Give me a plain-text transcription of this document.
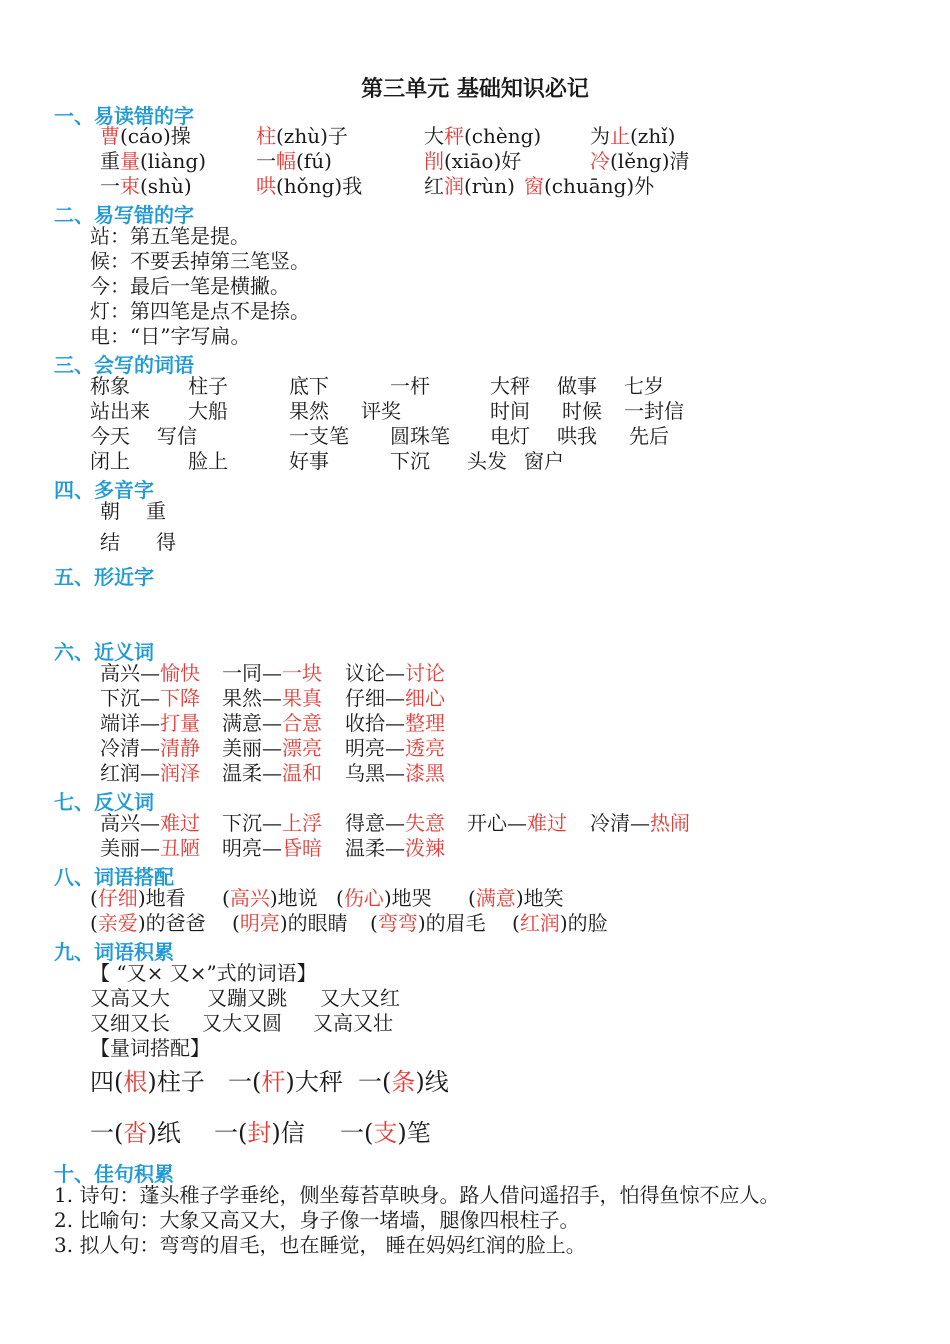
第三单元 基础知识必记
一、易读错的字
曹(cáo)操	柱(zhù)子	大秤(chèng) 为止(zhǐ)
重量(liàng) 一幅(fú)	削(xiāo)好	冷(lěng)清
一束(shù)	哄(hǒng)我	红润(rùn) 窗(chuāng)外
二、易写错的字
站：第五笔是提。
候：不要丢掉第三笔竖。
今：最后一笔是横撇。
灯：第四笔是点不是捺。
电：“日”字写扁。
三、会写的词语
称象	柱子	底下	一杆	大秤 做事 七岁
站出来 大船	果然 评奖	时间 时候 一封信
今天 写信	一支笔 圆珠笔 电灯 哄我 先后
闭上	脸上	好事	下沉 头发 窗户
四、多音字
朝 重
结 得
五、形近字
六、近义词
高兴—愉快 一同—一块 议论—讨论
下沉—下降 果然—果真 仔细—细心
端详—打量 满意—合意 收拾—整理
冷清—清静 美丽—漂亮 明亮—透亮
红润—润泽 温柔—温和 乌黑—漆黑
七、反义词
高兴—难过 下沉—上浮 得意—失意 开心—难过 冷清—热闹
美丽—丑陋 明亮—昏暗 温柔—泼辣
八、词语搭配
(仔细)地看 (高兴)地说 (伤心)地哭 (满意)地笑
(亲爱)的爸爸 (明亮)的眼睛 (弯弯)的眉毛 (红润)的脸
九、词语积累
【 “又× 又×”式的词语】
又高又大 又蹦又跳 又大又红
又细又长 又大又圆 又高又壮
【量词搭配】
四(根)柱子 一(杆)大秤 一(条)线
一(沓)纸 一(封)信 一(支)笔
十、佳句积累
1. 诗句：蓬头稚子学垂纶，侧坐莓苔草映身。路人借问遥招手，怕得鱼惊不应人。
2. 比喻句：大象又高又大，身子像一堵墙，腿像四根柱子。
3. 拟人句：弯弯的眉毛，也在睡觉， 睡在妈妈红润的脸上。
